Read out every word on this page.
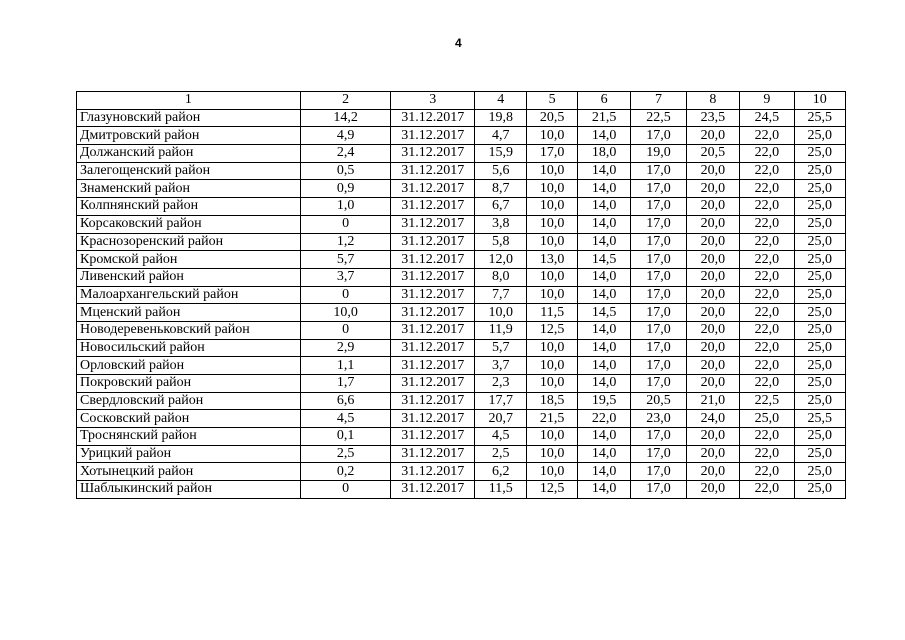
4
1	2	3	4	5	6	7	8	9	10
Глазуновский район	14,2	31.12.2017	19,8	20,5	21,5	22,5	23,5	24,5	25,5
Дмитровский район	4,9	31.12.2017	4,7	10,0	14,0	17,0	20,0	22,0	25,0
Должанский район	2,4	31.12.2017	15,9	17,0	18,0	19,0	20,5	22,0	25,0
Залегощенский район	0,5	31.12.2017	5,6	10,0	14,0	17,0	20,0	22,0	25,0
Знаменский район	0,9	31.12.2017	8,7	10,0	14,0	17,0	20,0	22,0	25,0
Колпнянский район	1,0	31.12.2017	6,7	10,0	14,0	17,0	20,0	22,0	25,0
Корсаковский район	0	31.12.2017	3,8	10,0	14,0	17,0	20,0	22,0	25,0
Краснозоренский район	1,2	31.12.2017	5,8	10,0	14,0	17,0	20,0	22,0	25,0
Кромской район	5,7	31.12.2017	12,0	13,0	14,5	17,0	20,0	22,0	25,0
Ливенский район	3,7	31.12.2017	8,0	10,0	14,0	17,0	20,0	22,0	25,0
Малоархангельский район	0	31.12.2017	7,7	10,0	14,0	17,0	20,0	22,0	25,0
Мценский район	10,0	31.12.2017	10,0	11,5	14,5	17,0	20,0	22,0	25,0
Новодеревеньковский район	0	31.12.2017	11,9	12,5	14,0	17,0	20,0	22,0	25,0
Новосильский район	2,9	31.12.2017	5,7	10,0	14,0	17,0	20,0	22,0	25,0
Орловский район	1,1	31.12.2017	3,7	10,0	14,0	17,0	20,0	22,0	25,0
Покровский район	1,7	31.12.2017	2,3	10,0	14,0	17,0	20,0	22,0	25,0
Свердловский район	6,6	31.12.2017	17,7	18,5	19,5	20,5	21,0	22,5	25,0
Сосковский район	4,5	31.12.2017	20,7	21,5	22,0	23,0	24,0	25,0	25,5
Троснянский район	0,1	31.12.2017	4,5	10,0	14,0	17,0	20,0	22,0	25,0
Урицкий район	2,5	31.12.2017	2,5	10,0	14,0	17,0	20,0	22,0	25,0
Хотынецкий район	0,2	31.12.2017	6,2	10,0	14,0	17,0	20,0	22,0	25,0
Шаблыкинский район	0	31.12.2017	11,5	12,5	14,0	17,0	20,0	22,0	25,0
